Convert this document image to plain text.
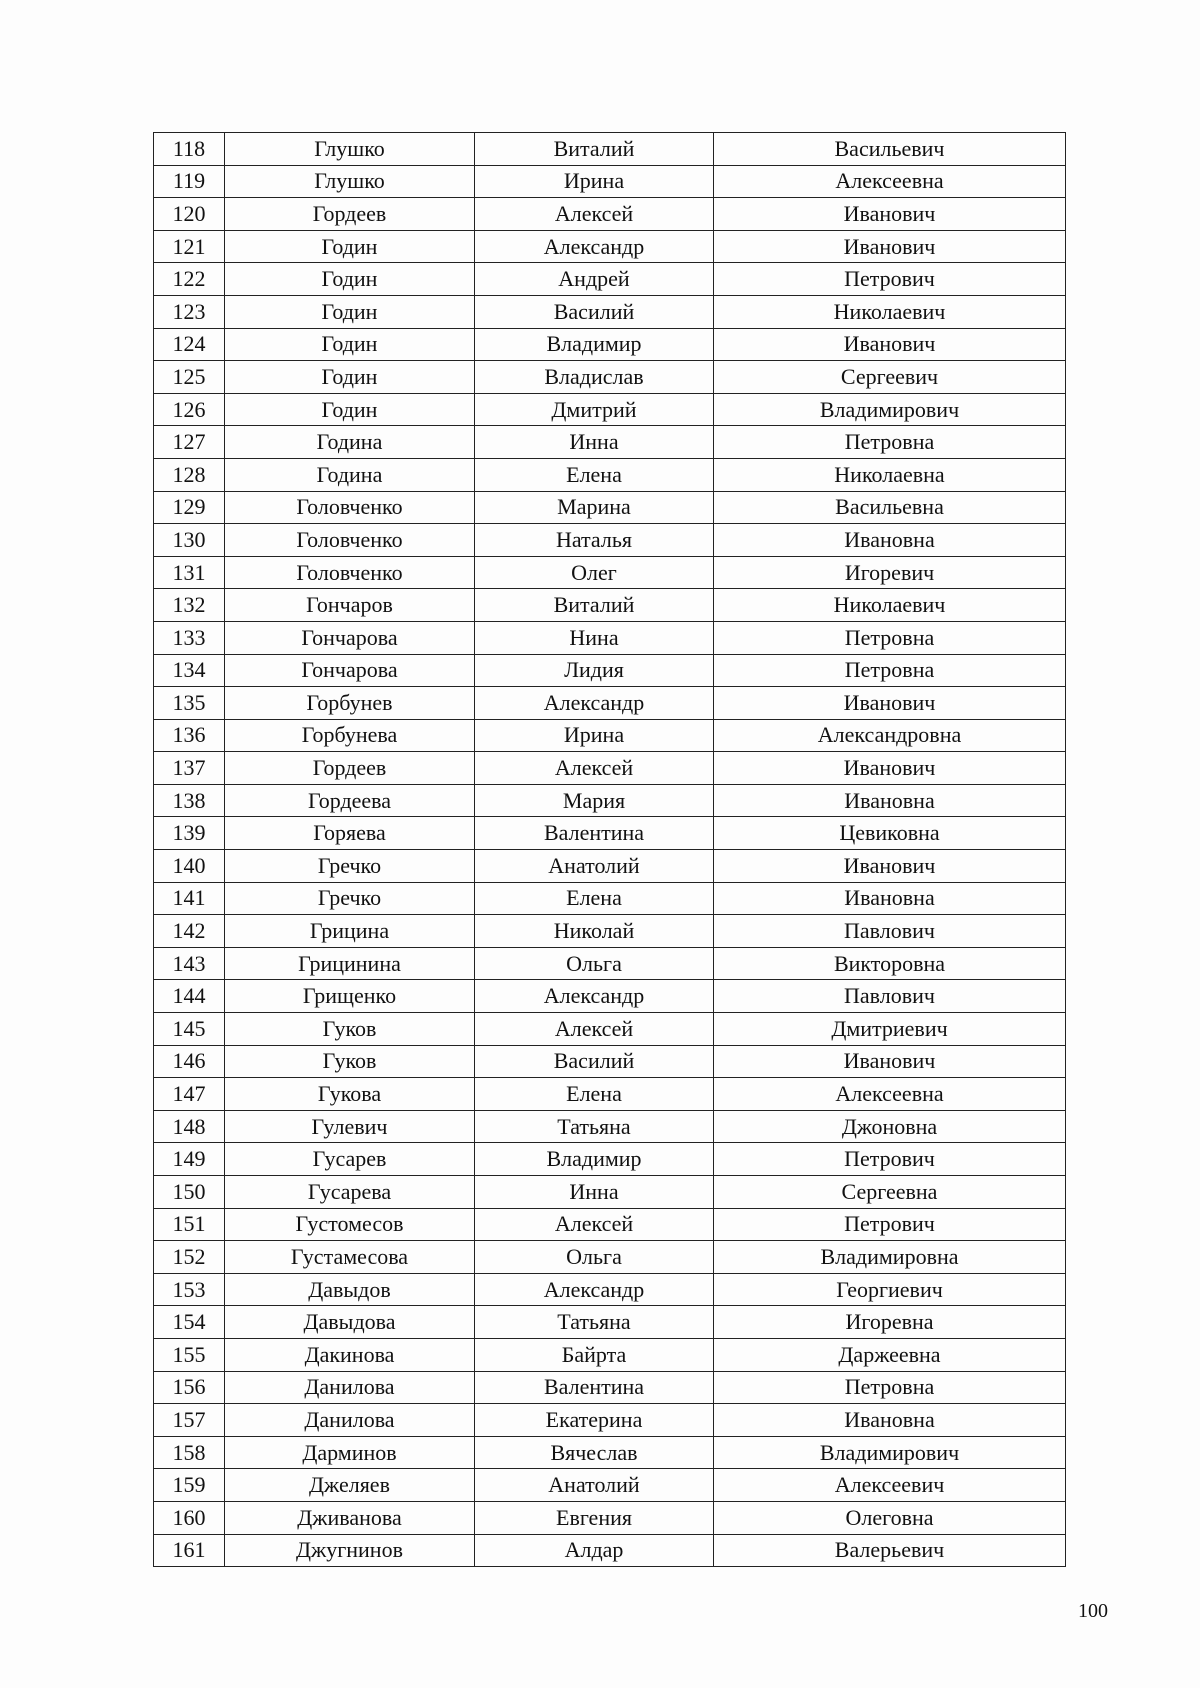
118	Глушко	Виталий	Васильевич
119	Глушко	Ирина	Алексеевна
120	Гордеев	Алексей	Иванович
121	Годин	Александр	Иванович
122	Годин	Андрей	Петрович
123	Годин	Василий	Николаевич
124	Годин	Владимир	Иванович
125	Годин	Владислав	Сергеевич
126	Годин	Дмитрий	Владимирович
127	Година	Инна	Петровна
128	Година	Елена	Николаевна
129	Головченко	Марина	Васильевна
130	Головченко	Наталья	Ивановна
131	Головченко	Олег	Игоревич
132	Гончаров	Виталий	Николаевич
133	Гончарова	Нина	Петровна
134	Гончарова	Лидия	Петровна
135	Горбунев	Александр	Иванович
136	Горбунева	Ирина	Александровна
137	Гордеев	Алексей	Иванович
138	Гордеева	Мария	Ивановна
139	Горяева	Валентина	Цевиковна
140	Гречко	Анатолий	Иванович
141	Гречко	Елена	Ивановна
142	Грицина	Николай	Павлович
143	Грицинина	Ольга	Викторовна
144	Грищенко	Александр	Павлович
145	Гуков	Алексей	Дмитриевич
146	Гуков	Василий	Иванович
147	Гукова	Елена	Алексеевна
148	Гулевич	Татьяна	Джоновна
149	Гусарев	Владимир	Петрович
150	Гусарева	Инна	Сергеевна
151	Густомесов	Алексей	Петрович
152	Густамесова	Ольга	Владимировна
153	Давыдов	Александр	Георгиевич
154	Давыдова	Татьяна	Игоревна
155	Дакинова	Байрта	Даржеевна
156	Данилова	Валентина	Петровна
157	Данилова	Екатерина	Ивановна
158	Дарминов	Вячеслав	Владимирович
159	Джеляев	Анатолий	Алексеевич
160	Дживанова	Евгения	Олеговна
161	Джугнинов	Алдар	Валерьевич
100
